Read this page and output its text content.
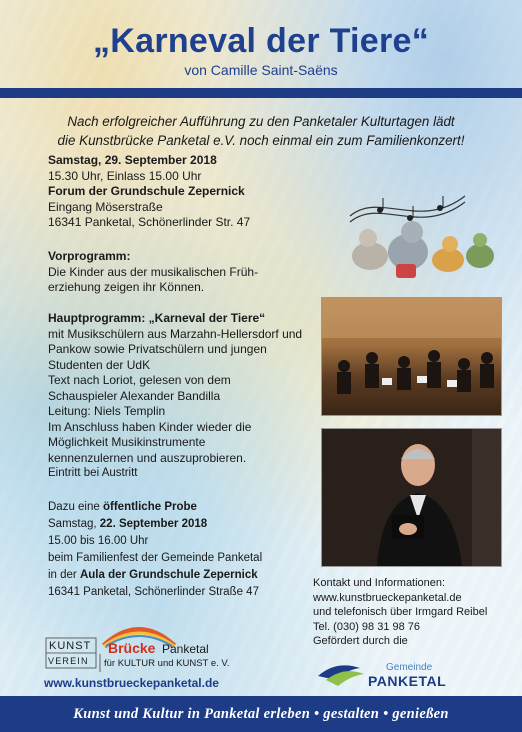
„Karneval der Tiere“
von Camille Saint-Saëns
Nach erfolgreicher Aufführung zu den Panketaler Kulturtagen lädt
die Kunstbrücke Panketal e.V. noch einmal ein zum Familienkonzert!
Samstag, 29. September 2018
15.30 Uhr, Einlass 15.00 Uhr
Forum der Grundschule Zepernick
Eingang Möserstraße
16341 Panketal, Schönerlinder Str. 47
Vorprogramm:
Die Kinder aus der musikalischen Früh-
erziehung zeigen ihr Können.
Hauptprogramm: „Karneval der Tiere“
mit Musikschülern aus Marzahn-Hellersdorf und
Pankow sowie Privatschülern und jungen
Studenten der UdK
Text nach Loriot, gelesen von dem
Schauspieler Alexander Bandilla
Leitung: Niels Templin
Im Anschluss haben Kinder wieder die
Möglichkeit Musikinstrumente
kennenzulernen und auszuprobieren.
Eintritt bei Austritt
Dazu eine öffentliche Probe
Samstag, 22. September 2018
15.00 bis 16.00 Uhr
beim Familienfest der Gemeinde Panketal
in der Aula der Grundschule Zepernick
16341 Panketal, Schönerlinder Straße 47
Kontakt und Informationen:
www.kunstbrueckepanketal.de
und telefonisch über Irmgard Reibel
Tel. (030) 98 31 98 76
Gefördert durch die
KUNST
VEREIN
Brücke Panketal
für KULTUR und KUNST e. V.
www.kunstbrueckepanketal.de
Gemeinde
PANKETAL
Kunst und Kultur in Panketal erleben • gestalten • genießen
